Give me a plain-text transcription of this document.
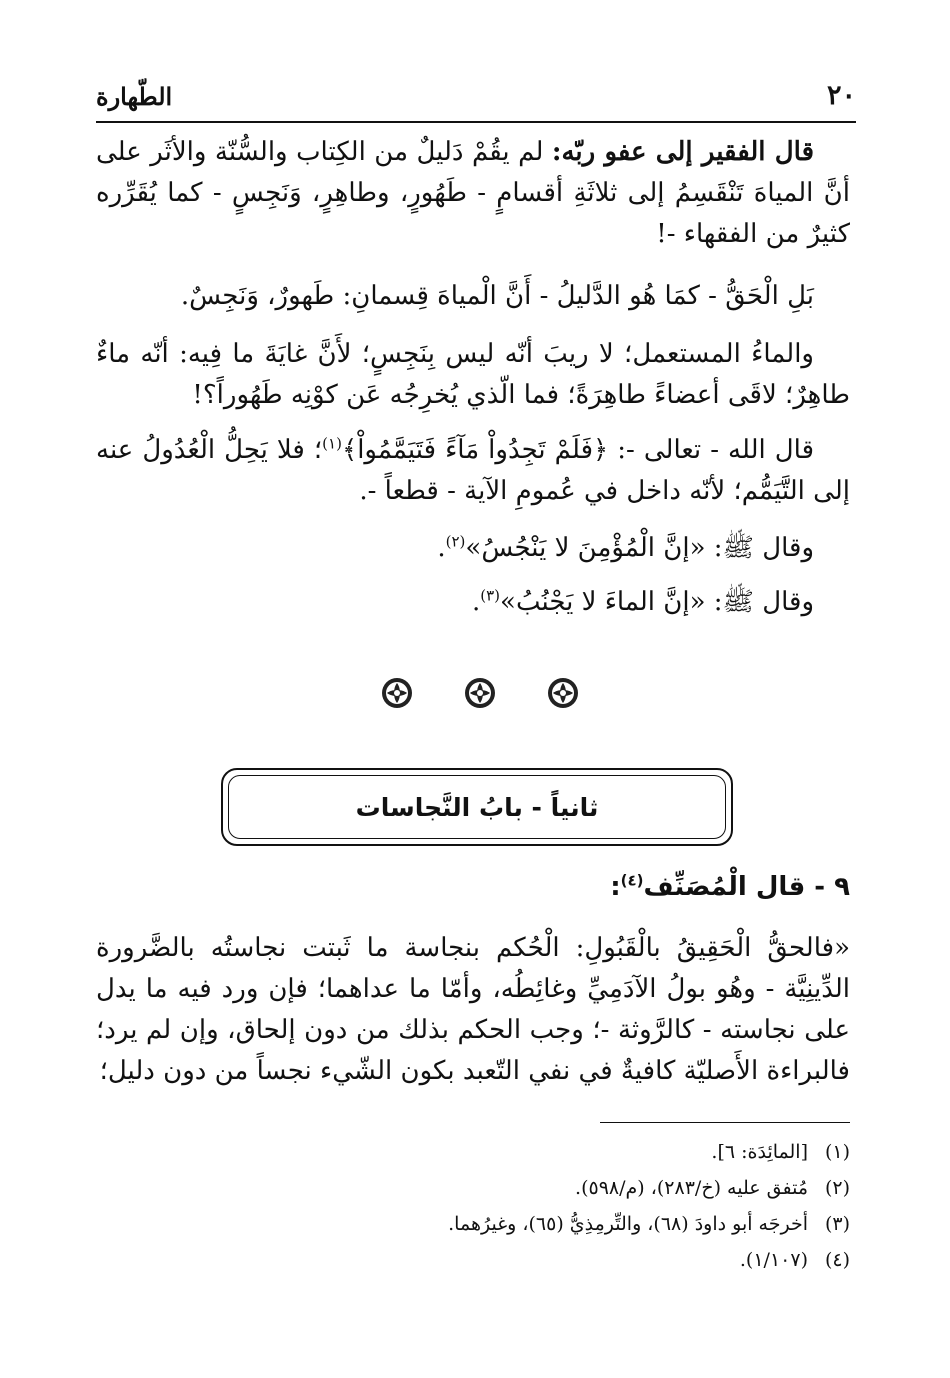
٢٠
الطّهارة

قال الفقير إلى عفو ربّه: لم يقُمْ دَليلٌ من الكِتاب والسُّنّة والأثَر على أنَّ المياهَ تَنْقَسِمُ إلى ثلاثَةِ أقسامٍ - طَهُورٍ، وطاهِرٍ، وَنَجِسٍ - كما يُقَرِّره كثيرٌ من الفقهاء -!

بَلِ الْحَقُّ - كمَا هُو الدَّليلُ - أَنَّ الْمياهَ قِسمانِ: طَهورٌ، وَنَجِسٌ.

والماءُ المستعمل؛ لا ريبَ أنّه ليس بِنَجِسٍ؛ لأَنَّ غايَةَ ما فِيه: أنّه ماءٌ طاهِرٌ؛ لاقَى أعضاءً طاهِرَةً؛ فما الّذي يُخرِجُه عَن كوْنِه طَهُوراً؟!

قال الله - تعالى -: ﴿فَلَمْ تَجِدُواْ مَآءً فَتَيَمَّمُواْ﴾$^{(١)}$؛ فلا يَحِلُّ الْعُدُولُ عنه إلى التَّيَمُّم؛ لأنّه داخل في عُمومِ الآية - قطعاً -.

وقال ﷺ: «إنَّ الْمُؤْمِنَ لا يَنْجُسُ»$^{(٢)}$.

وقال ﷺ: «إنَّ الماءَ لا يَجْنُبُ»$^{(٣)}$.

ثانياً - بابُ النَّجاسات
٩ - قال الْمُصَنِّف$^{(٤)}$:

«فالحقُّ الْحَقِيقُ بالْقَبُولِ: الْحُكم بنجاسة ما ثَبتت نجاستُه بالضَّرورة الدِّينِيَّة - وهُو بولُ الآدَمِيِّ وغائِطُه، وأمّا ما عداهما؛ فإن ورد فيه ما يدل على نجاسته - كالرَّوثة -؛ وجب الحكم بذلك من دون إلحاق، وإن لم يرد؛ فالبراءة الأَصليّة كافيةٌ في نفي التّعبد بكون الشّيء نجساً من دون دليل؛

(١)[المائِدَة: ٦].
(٢)مُتفق عليه (خ/٢٨٣)، (م/٥٩٨).
(٣)أخرجَه أبو داودَ (٦٨)، والتِّرمِذِيُّ (٦٥)، وغيرُهما.
(٤)(١/١٠٧).
